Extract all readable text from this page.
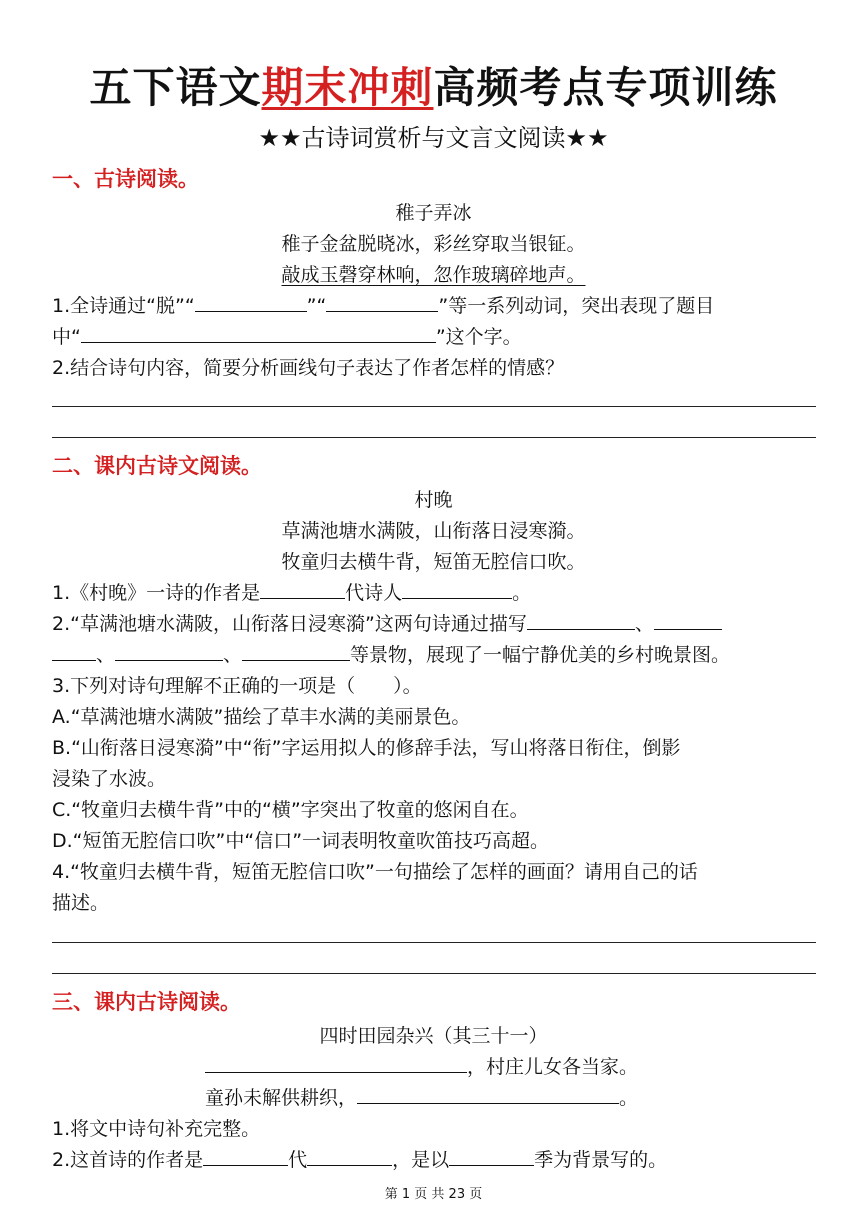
五下语文期末冲刺高频考点专项训练
★★古诗词赏析与文言文阅读★★
一、古诗阅读。
稚子弄冰
稚子金盆脱晓冰，彩丝穿取当银钲。
敲成玉磬穿林响，忽作玻璃碎地声。
1.全诗通过“脱”“	”“	”等一系列动词，突出表现了题目
中“	”这个字。
2.结合诗句内容，简要分析画线句子表达了作者怎样的情感？
二、课内古诗文阅读。
村晚
草满池塘水满陂，山衔落日浸寒漪。
牧童归去横牛背，短笛无腔信口吹。
1.《村晚》一诗的作者是	代诗人	。
2.“草满池塘水满陂，山衔落日浸寒漪”这两句诗通过描写	、
、	、	等景物，展现了一幅宁静优美的乡村晚景图。
3.下列对诗句理解不正确的一项是（　　）。
A.“草满池塘水满陂”描绘了草丰水满的美丽景色。
B.“山衔落日浸寒漪”中“衔”字运用拟人的修辞手法，写山将落日衔住，倒影
浸染了水波。
C.“牧童归去横牛背”中的“横”字突出了牧童的悠闲自在。
D.“短笛无腔信口吹”中“信口”一词表明牧童吹笛技巧高超。
4.“牧童归去横牛背，短笛无腔信口吹”一句描绘了怎样的画面？请用自己的话
描述。
三、课内古诗阅读。
四时田园杂兴（其三十一）
，村庄儿女各当家。
童孙未解供耕织，	。
1.将文中诗句补充完整。
2.这首诗的作者是	代	，是以	季为背景写的。
第 1 页 共 23 页
